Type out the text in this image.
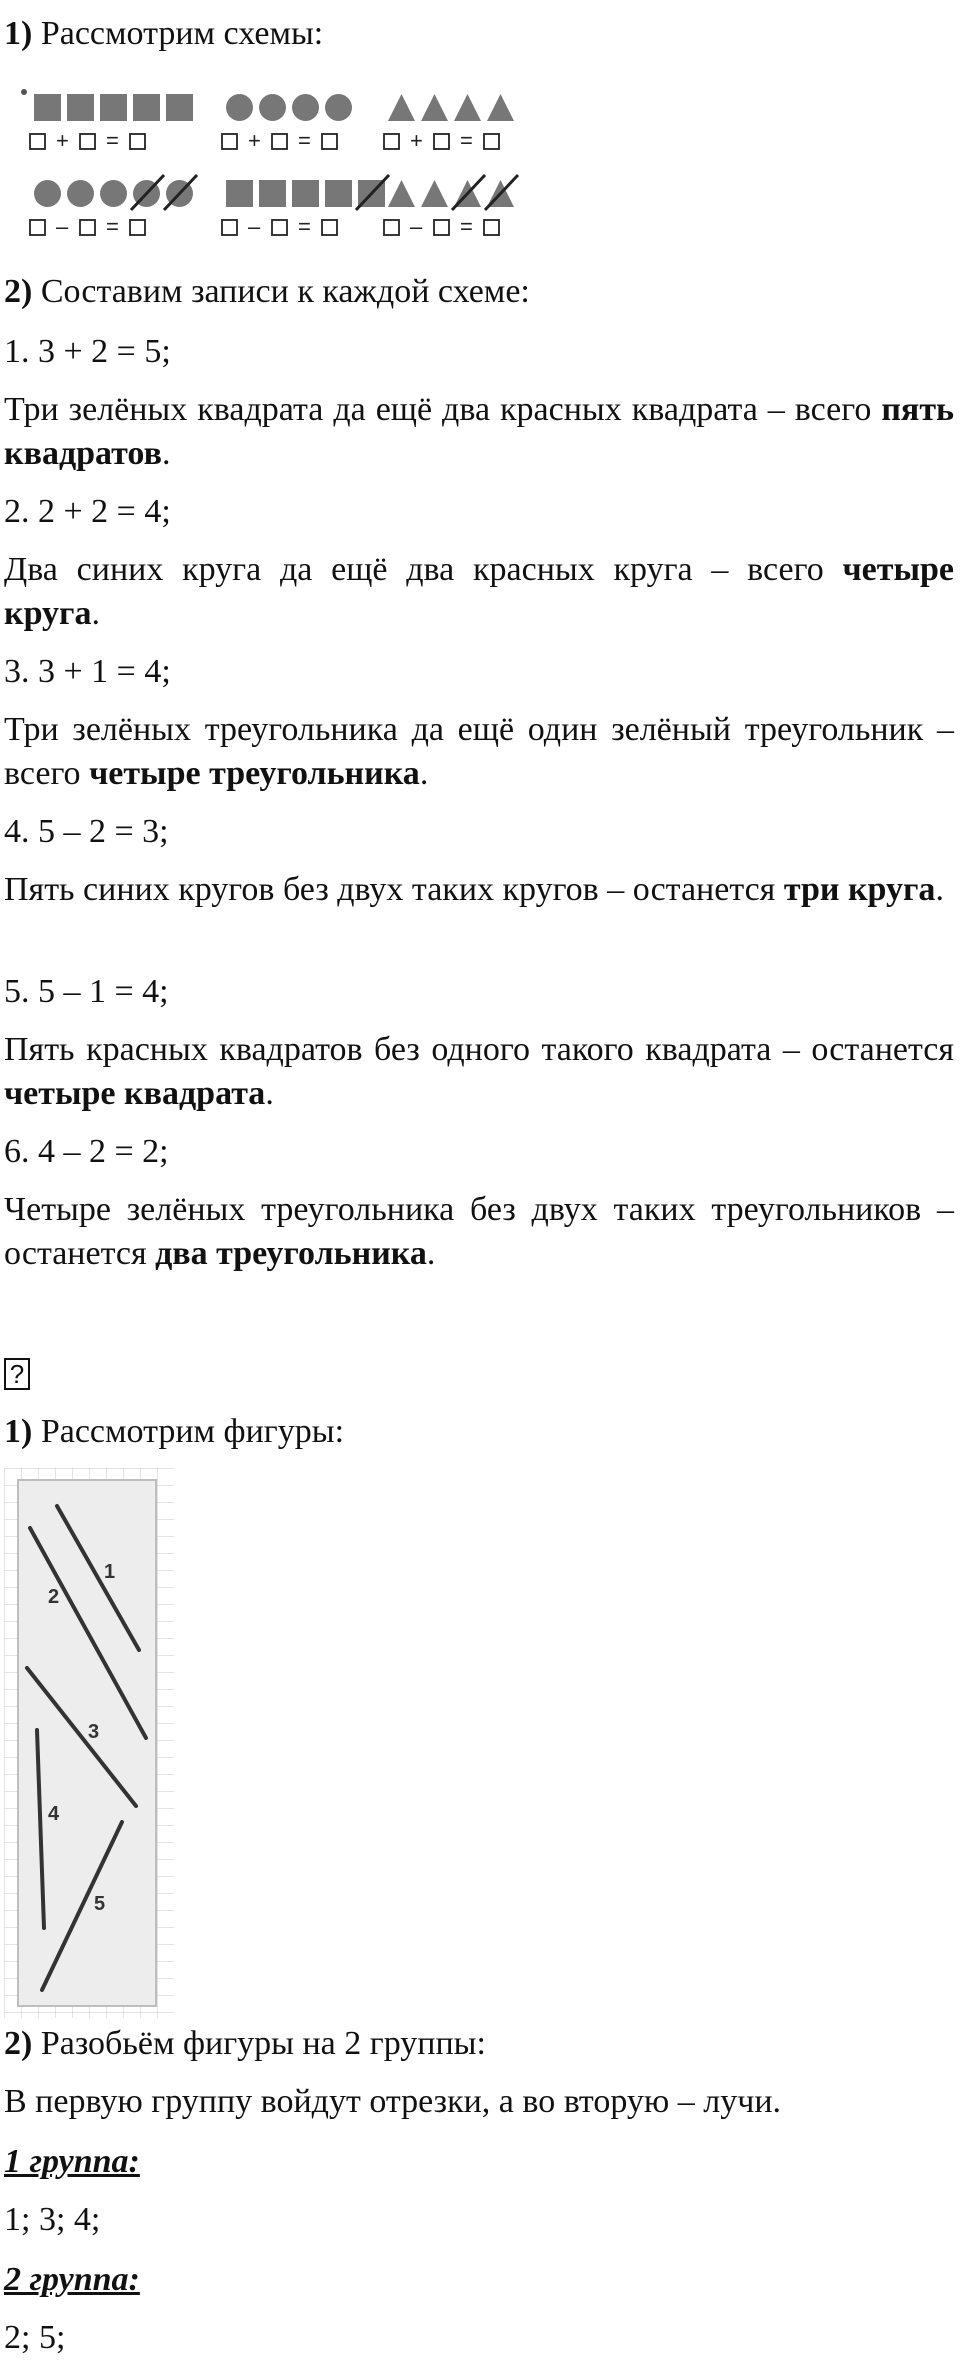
1) Рассмотрим схемы:

+ =	+ =	+ =
– =	– =	– =

2) Составим записи к каждой схеме:

1. 3 + 2 = 5;

Три зелёных квадрата да ещё два красных квадрата – всего пять квадратов.

2. 2 + 2 = 4;

Два синих круга да ещё два красных круга – всего четыре круга.

3. 3 + 1 = 4;

Три зелёных треугольника да ещё один зелёный треугольник – всего четыре треугольника.

4. 5 – 2 = 3;

Пять синих кругов без двух таких кругов – останется три круга.

5. 5 – 1 = 4;

Пять красных квадратов без одного такого квадрата – останется четыре квадрата.

6. 4 – 2 = 2;

Четыре зелёных треугольника без двух таких треугольников – останется два треугольника.

?

1) Рассмотрим фигуры:

1
2
3
4
5

2) Разобьём фигуры на 2 группы:

В первую группу войдут отрезки, а во вторую – лучи.

1 группа:

1; 3; 4;

2 группа:

2; 5;
